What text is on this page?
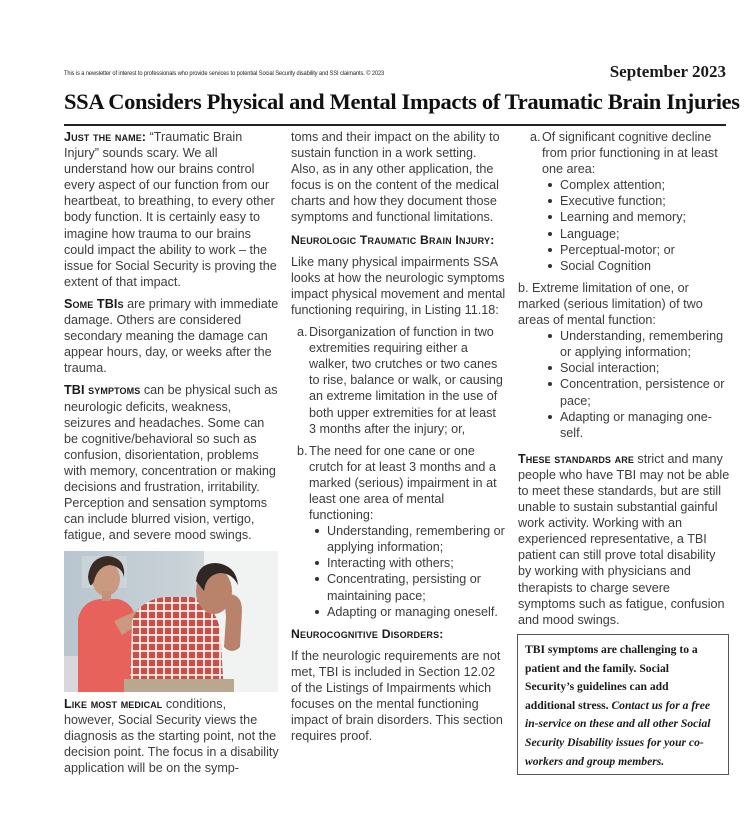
This is a newsletter of interest to professionals who provide services to potential Social Security disability and SSI claimants. © 2023	September 2023
SSA Considers Physical and Mental Impacts of Traumatic Brain Injuries

Just the name: “Traumatic Brain Injury” sounds scary. We all understand how our brains control every aspect of our function from our heartbeat, to breathing, to every other body function. It is certainly easy to imagine how trauma to our brains could impact the ability to work – the issue for Social Security is proving the extent of that impact.

Some TBIs are primary with immediate damage. Others are considered secondary meaning the damage can appear hours, day, or weeks after the trauma.

TBI symptoms can be physical such as neurologic deficits, weakness, seizures and headaches. Some can be cognitive/behavioral so such as confusion, disorientation, problems with memory, concentration or making decisions and frustration, irritability. Perception and sensation symptoms can include blurred vision, vertigo, fatigue, and severe mood swings.

Like most medical conditions, however, Social Security views the diagnosis as the starting point, not the decision point. The focus in a disability application will be on the symp-

toms and their impact on the ability to sustain function in a work setting. Also, as in any other application, the focus is on the content of the medical charts and how they document those symptoms and functional limitations.

Neurologic Traumatic Brain Injury:

Like many physical impairments SSA looks at how the neurologic symptoms impact physical movement and mental functioning requiring, in Listing 11.18:

a. Disorganization of function in two extremities requiring either a walker, two crutches or two canes to rise, balance or walk, or causing an extreme limitation in the use of both upper extremities for at least 3 months after the injury; or,
b. The need for one cane or one crutch for at least 3 months and a marked (serious) impairment in at least one area of mental functioning:
Understanding, remembering or applying information;
Interacting with others;
Concentrating, persisting or maintaining pace;
Adapting or managing oneself.
Neurocognitive Disorders:

If the neurologic requirements are not met, TBI is included in Section 12.02 of the Listings of Impairments which focuses on the mental functioning impact of brain disorders. This section requires proof.

a. Of significant cognitive decline from prior functioning in at least one area:
Complex attention;
Executive function;
Learning and memory;
Language;
Perceptual-motor; or
Social Cognition

b. Extreme limitation of one, or marked (serious limitation) of two areas of mental function:

Understanding, remembering or applying information;
Social interaction;
Concentration, persistence or pace;
Adapting or managing one-self.

These standards are strict and many people who have TBI may not be able to meet these standards, but are still unable to sustain substantial gainful work activity. Working with an experienced representative, a TBI patient can still prove total disability by working with physicians and therapists to charge severe symptoms such as fatigue, confusion and mood swings.

TBI symptoms are challenging to a patient and the family. Social Security’s guidelines can add additional stress. Contact us for a free in-service on these and all other Social Security Disability issues for your co-workers and group members.
